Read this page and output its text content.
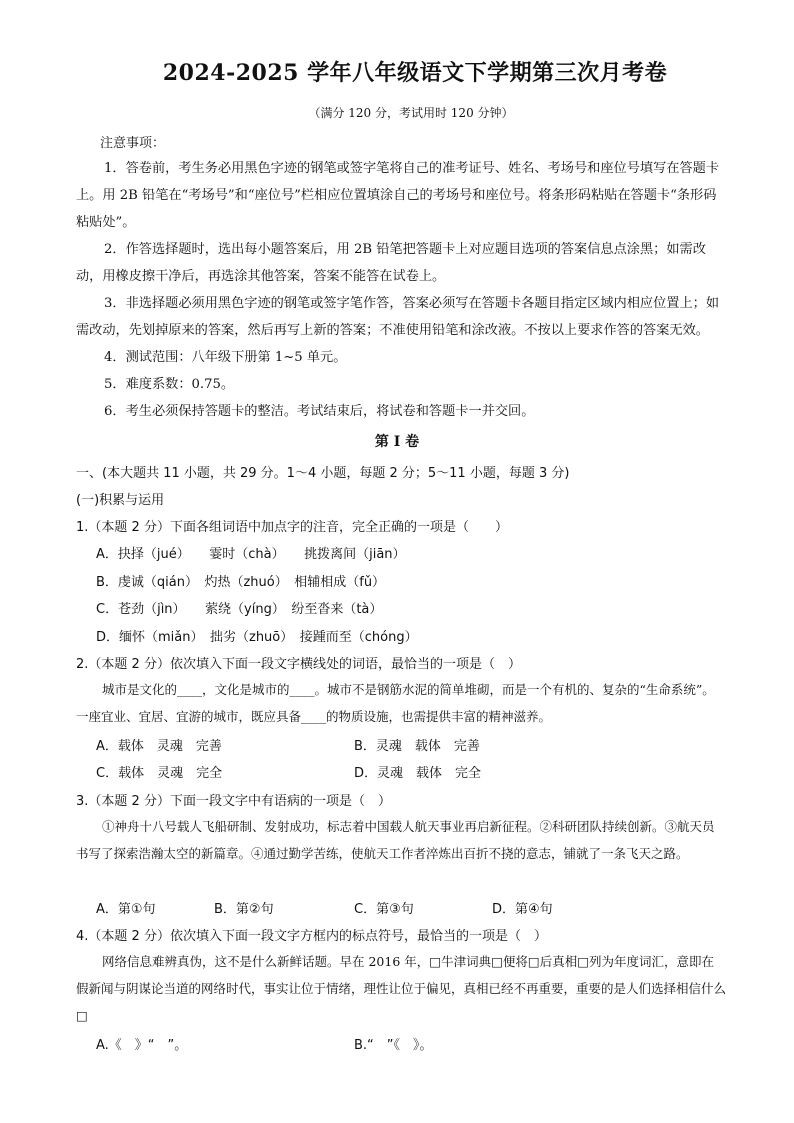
2024-2025 学年八年级语文下学期第三次月考卷
（满分 120 分，考试用时 120 分钟）
注意事项：

1．答卷前，考生务必用黑色字迹的钢笔或签字笔将自己的准考证号、姓名、考场号和座位号填写在答题卡上。用 2B 铅笔在“考场号”和“座位号”栏相应位置填涂自己的考场号和座位号。将条形码粘贴在答题卡“条形码粘贴处”。

2．作答选择题时，选出每小题答案后，用 2B 铅笔把答题卡上对应题目选项的答案信息点涂黑；如需改动，用橡皮擦干净后，再选涂其他答案，答案不能答在试卷上。

3．非选择题必须用黑色字迹的钢笔或签字笔作答，答案必须写在答题卡各题目指定区域内相应位置上；如需改动，先划掉原来的答案，然后再写上新的答案；不准使用铅笔和涂改液。不按以上要求作答的答案无效。

4．测试范围：八年级下册第 1~5 单元。

5．难度系数：0.75。

6．考生必须保持答题卡的整洁。考试结束后，将试卷和答题卡一并交回。

第 I 卷
一、(本大题共 11 小题，共 29 分。1～4 小题，每题 2 分；5～11 小题，每题 3 分)
(一)积累与运用
1.（本题 2 分）下面各组词语中加点字的注音，完全正确的一项是（　　）
A．抉择（jué）　　霎时（chà）　　挑拨离间（jiān）
B．虔诚（qián）　灼热（zhuó）　相辅相成（fǔ）
C．苍劲（jìn）　　萦绕（yíng）　纷至沓来（tà）
D．缅怀（miǎn）　拙劣（zhuō）　接踵而至（chóng）
2.（本题 2 分）依次填入下面一段文字横线处的词语，最恰当的一项是（　）

城市是文化的____，文化是城市的____。城市不是钢筋水泥的简单堆砌，而是一个有机的、复杂的“生命系统”。一座宜业、宜居、宜游的城市，既应具备____的物质设施，也需提供丰富的精神滋养。

A．载体　灵魂　完善	B．灵魂　载体　完善
C．载体　灵魂　完全	D．灵魂　载体　完全
3.（本题 2 分）下面一段文字中有语病的一项是（　）

①神舟十八号载人飞船研制、发射成功，标志着中国载人航天事业再启新征程。②科研团队持续创新。③航天员书写了探索浩瀚太空的新篇章。④通过勤学苦练，使航天工作者淬炼出百折不挠的意志，铺就了一条飞天之路。

A．第①句	B．第②句	C．第③句	D．第④句
4.（本题 2 分）依次填入下面一段文字方框内的标点符号，最恰当的一项是（　）

网络信息难辨真伪，这不是什么新鲜话题。早在 2016 年，□牛津词典□便将□后真相□列为年度词汇，意即在假新闻与阴谋论当道的网络时代，事实让位于情绪，理性让位于偏见，真相已经不再重要，重要的是人们选择相信什么□

A.《　》“　”。	B.“　”《　》。
